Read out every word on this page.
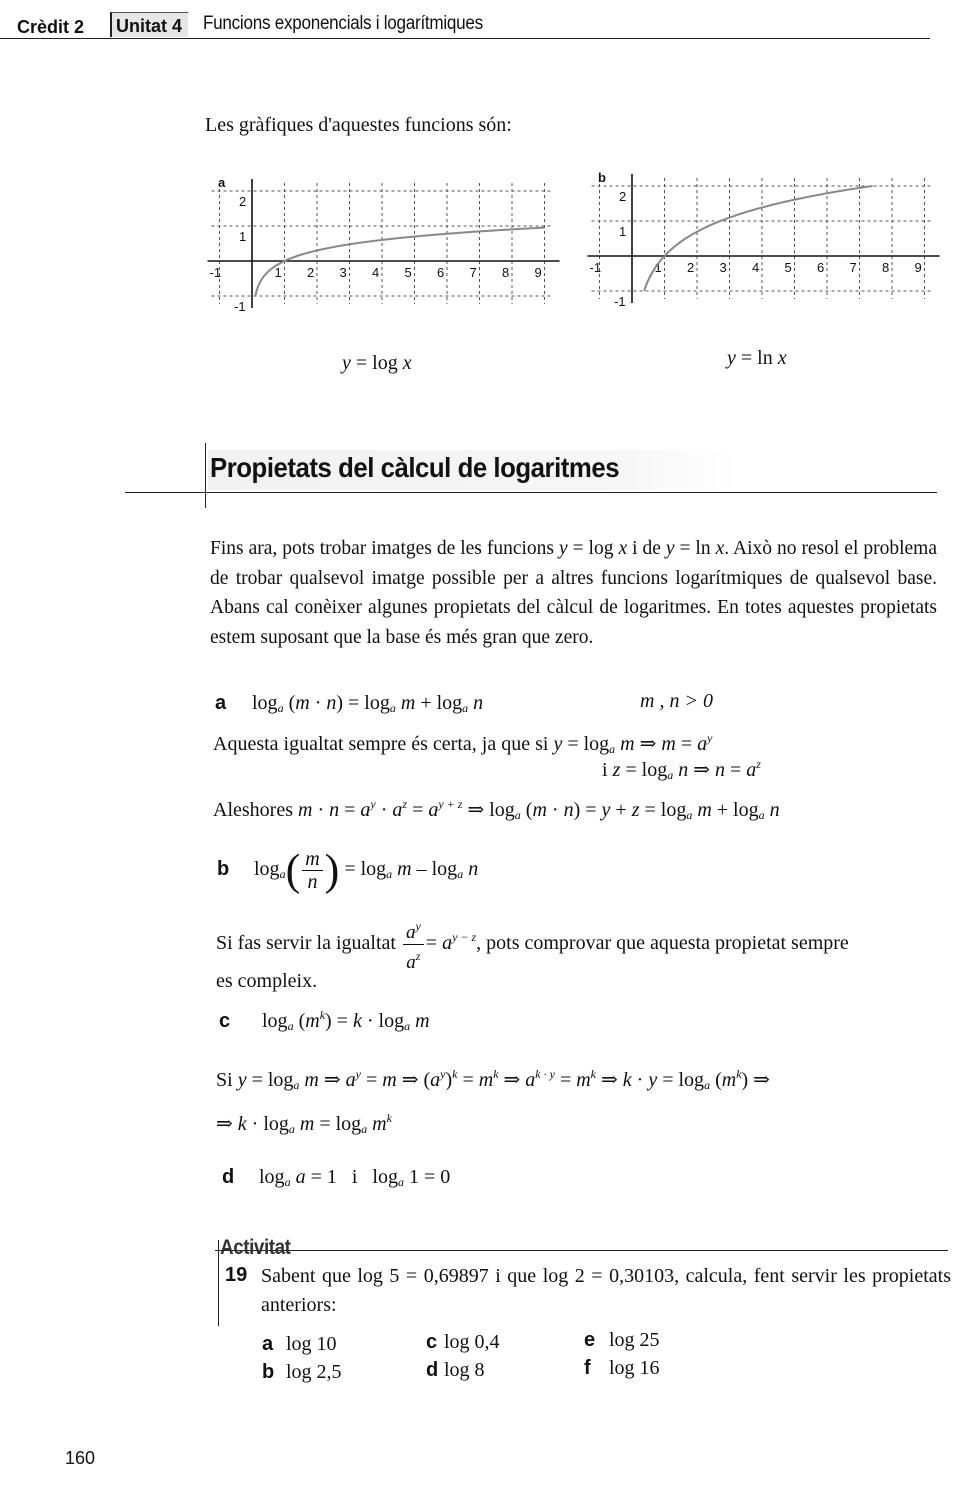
Crèdit 2	Unitat 4	Funcions exponencials i logarítmiques
Les gràfiques d'aquestes funcions són:
-1	1 2 3 4 5 6 7 8 9
2
1
-1
a
-1	1 2 3 4 5 6 7 8 9
2
1
-1
b
y = log x	y = ln x
Propietats del càlcul de logaritmes
Fins ara, pots trobar imatges de les funcions y = log x i de y = ln x. Això no resol el problema de trobar qualsevol imatge possible per a altres funcions logarítmiques de qualsevol base. Abans cal conèixer algunes propietats del càlcul de logaritmes. En totes aquestes propietats estem suposant que la base és més gran que zero.
a $\log_a (m \cdot n) = \log_a m + \log_a n$	m , n > 0
Aquesta igualtat sempre és certa, ja que si $y = \log_a m$ ⇒ $m = a^y$
i $z = \log_a n$ ⇒ $n = a^z$
Aleshores $m \cdot n = a^y \cdot a^z = a^{y + z}$ ⇒ $\log_a (m \cdot n) = y + z = \log_a m + \log_a n$
b $\log_a( \frac{m}{n}$ ) = $\log_a m - \log_a n$
Si fas servir la igualtat $\frac{a^y}{a^z} = a^{y - z}$, pots comprovar que aquesta propietat sempre
es compleix.
c $\log_a (m^k) = k \cdot \log_a m$
Si $y = \log_a m$ ⇒ $a^y = m$ ⇒ $(a^y)^k = m^k$ ⇒ $a^{k \cdot y} = m^k$ ⇒ $k \cdot y = \log_a (m^k)$ ⇒
⇒ $k \cdot \log_a m = \log_a m^k$
d $\log_a a = 1$   i   $\log_a 1 = 0$
Activitat
19 Sabent que log 5 = 0,69897 i que log 2 = 0,30103, calcula, fent servir les propietats anteriors:
a log 10
b log 2,5
c log 0,4
d log 8
e log 25
f log 16
160
